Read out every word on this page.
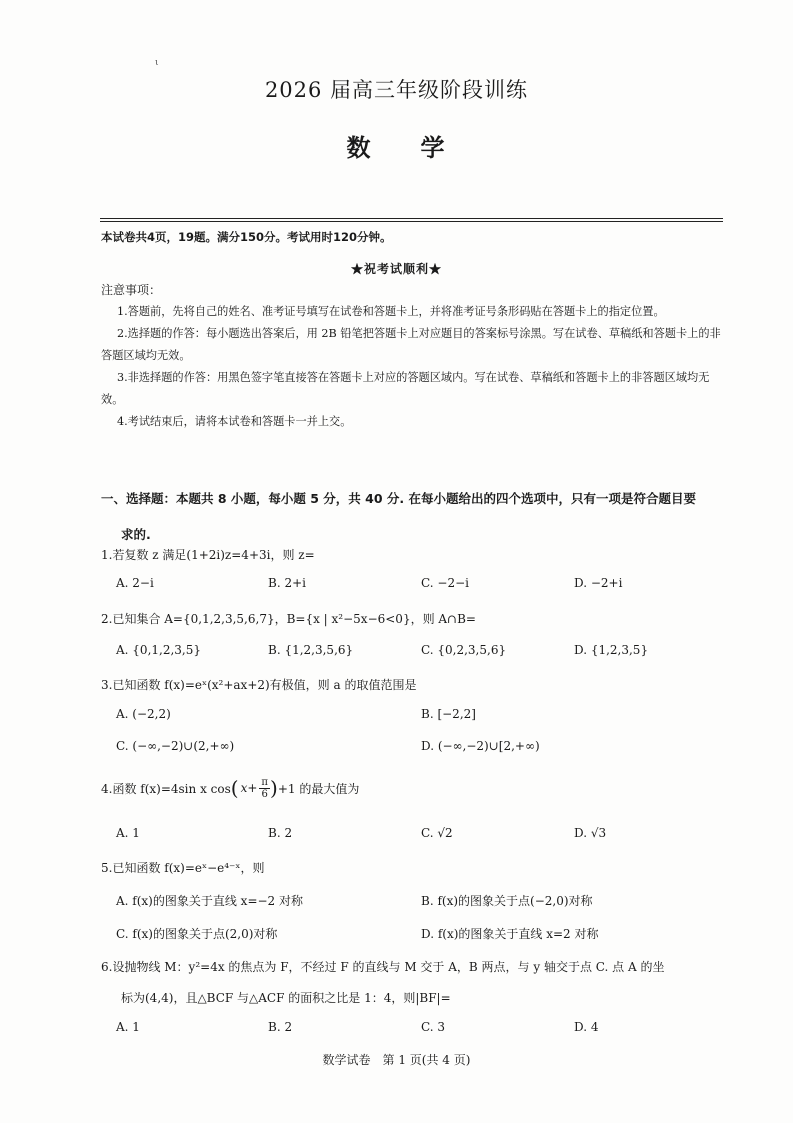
ι
2026 届高三年级阶段训练
数 学
本试卷共4页，19题。满分150分。考试用时120分钟。
★祝考试顺利★
注意事项：

1.答题前，先将自己的姓名、准考证号填写在试卷和答题卡上，并将准考证号条形码贴在答题卡上的指定位置。

2.选择题的作答：每小题选出答案后，用 2B 铅笔把答题卡上对应题目的答案标号涂黑。写在试卷、草稿纸和答题卡上的非答题区域均无效。

3.非选择题的作答：用黑色签字笔直接答在答题卡上对应的答题区域内。写在试卷、草稿纸和答题卡上的非答题区域均无效。

4.考试结束后，请将本试卷和答题卡一并上交。

一、选择题：本题共 8 小题，每小题 5 分，共 40 分. 在每小题给出的四个选项中，只有一项是符合题目要
求的.
1.若复数 z 满足(1+2i)z=4+3i，则 z=
A. 2−i	B. 2+i	C. −2−i	D. −2+i
2.已知集合 A={0,1,2,3,5,6,7}，B={x | x²−5x−6<0}，则 A∩B=
A. {0,1,2,3,5}	B. {1,2,3,5,6}	C. {0,2,3,5,6}	D. {1,2,3,5}
3.已知函数 f(x)=eˣ(x²+ax+2)有极值，则 a 的取值范围是
A. (−2,2)	B. [−2,2]
C. (−∞,−2)∪(2,+∞)	D. (−∞,−2)∪[2,+∞)
4.函数 f(x)=4sin x cos ( $x+ \frac{\pi}{6}$ ) +1 的最大值为
A. 1	B. 2	C. √2	D. √3
5.已知函数 f(x)=eˣ−e⁴⁻ˣ，则
A. f(x)的图象关于直线 x=−2 对称	B. f(x)的图象关于点(−2,0)对称
C. f(x)的图象关于点(2,0)对称	D. f(x)的图象关于直线 x=2 对称
6.设抛物线 M：y²=4x 的焦点为 F，不经过 F 的直线与 M 交于 A，B 两点，与 y 轴交于点 C. 点 A 的坐
标为(4,4)，且△BCF 与△ACF 的面积之比是 1：4，则|BF|=
A. 1	B. 2	C. 3	D. 4
数学试卷　第 1 页(共 4 页)
